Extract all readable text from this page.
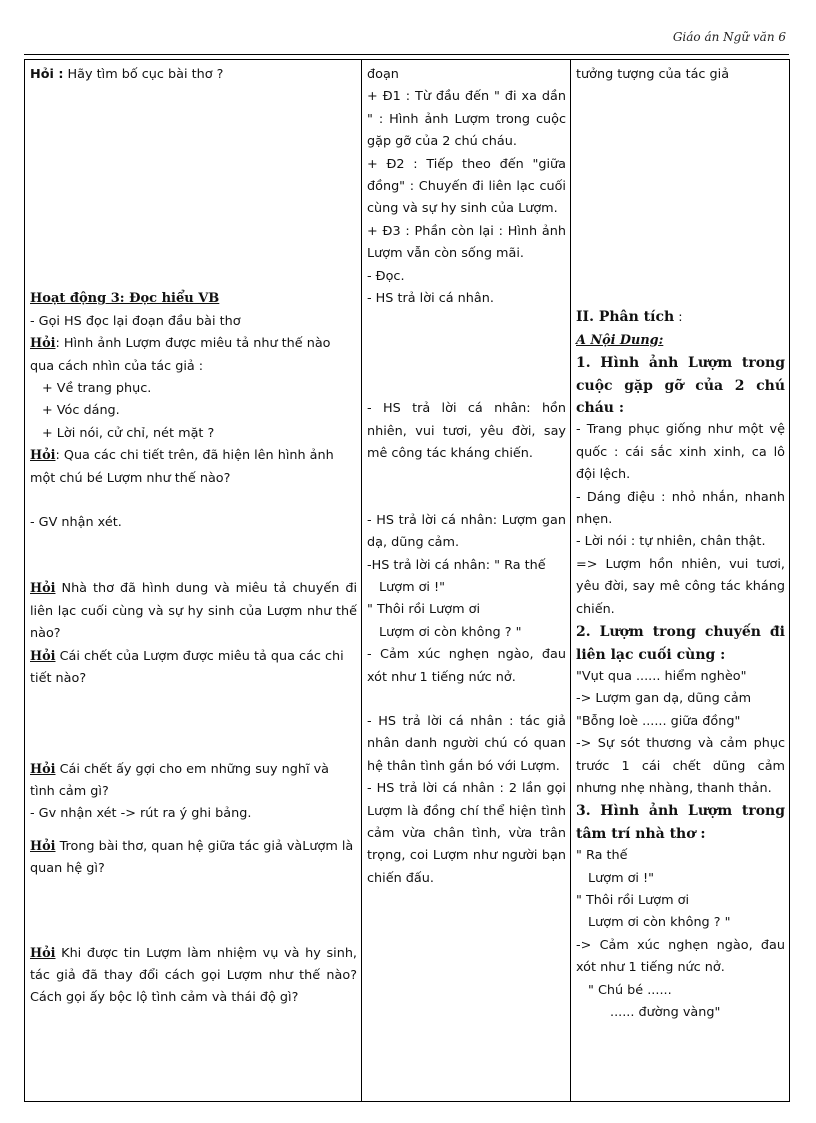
Giáo án Ngữ văn 6
Hỏi : Hãy tìm bố cục bài thơ ?
Hoạt động 3: Đọc hiểu VB
- Gọi HS đọc lại đoạn đầu bài thơ
Hỏi: Hình ảnh Lượm được miêu tả như thế nào qua cách nhìn của tác giả :
+ Về trang phục.
+ Vóc dáng.
+ Lời nói, cử chỉ, nét mặt ?
Hỏi: Qua các chi tiết trên, đã hiện lên hình ảnh một chú bé Lượm như thế nào?
- GV nhận xét.
Hỏi Nhà thơ đã hình dung và miêu tả chuyến đi liên lạc cuối cùng và sự hy sinh của Lượm như thế nào?
Hỏi Cái chết của Lượm được miêu tả qua các chi tiết nào?
Hỏi Cái chết ấy gợi cho em những suy nghĩ và tình cảm gì?
- Gv nhận xét -> rút ra ý ghi bảng.
Hỏi Trong bài thơ, quan hệ giữa tác giả vàLượm là quan hệ gì?
Hỏi Khi được tin Lượm làm nhiệm vụ và hy sinh, tác giả đã thay đổi cách gọi Lượm như thế nào? Cách gọi ấy bộc lộ tình cảm và thái độ gì?

đoạn
+ Đ1 : Từ đầu đến " đi xa dần " : Hình ảnh Lượm trong cuộc gặp gỡ của 2 chú cháu.
+ Đ2 : Tiếp theo đến "giữa đồng" : Chuyến đi liên lạc cuối cùng và sự hy sinh của Lượm.
+ Đ3 : Phần còn lại : Hình ảnh Lượm vẫn còn sống mãi.
- Đọc.
- HS trả lời cá nhân.
- HS trả lời cá nhân: hồn nhiên, vui tươi, yêu đời, say mê công tác kháng chiến.
- HS trả lời cá nhân: Lượm gan dạ, dũng cảm.
-HS trả lời cá nhân: " Ra thế
Lượm ơi !"
" Thôi rồi Lượm ơi
Lượm ơi còn không ? "
- Cảm xúc nghẹn ngào, đau xót như 1 tiếng nức nở.
- HS trả lời cá nhân : tác giả nhân danh người chú có quan hệ thân tình gắn bó với Lượm.
- HS trả lời cá nhân : 2 lần gọi Lượm là đồng chí thể hiện tình cảm vừa chân tình, vừa trân trọng, coi Lượm như người bạn chiến đấu.

tưởng tượng của tác giả
II. Phân tích :
A Nội Dung:
1. Hình ảnh Lượm trong cuộc gặp gỡ của 2 chú cháu :
- Trang phục giống như một vệ quốc : cái sắc xinh xinh, ca lô đội lệch.
- Dáng điệu : nhỏ nhắn, nhanh nhẹn.
- Lời nói : tự nhiên, chân thật.
=> Lượm hồn nhiên, vui tươi, yêu đời, say mê công tác kháng chiến.
2. Lượm trong chuyến đi liên lạc cuối cùng :
"Vụt qua ...... hiểm nghèo"
-> Lượm gan dạ, dũng cảm
"Bỗng loè ...... giữa đồng"
-> Sự sót thương và cảm phục trước 1 cái chết dũng cảm nhưng nhẹ nhàng, thanh thản.
3. Hình ảnh Lượm trong tâm trí nhà thơ :
" Ra thế
Lượm ơi !"
" Thôi rồi Lượm ơi
Lượm ơi còn không ? "
-> Cảm xúc nghẹn ngào, đau xót như 1 tiếng nức nở.
" Chú bé ......
...... đường vàng"
